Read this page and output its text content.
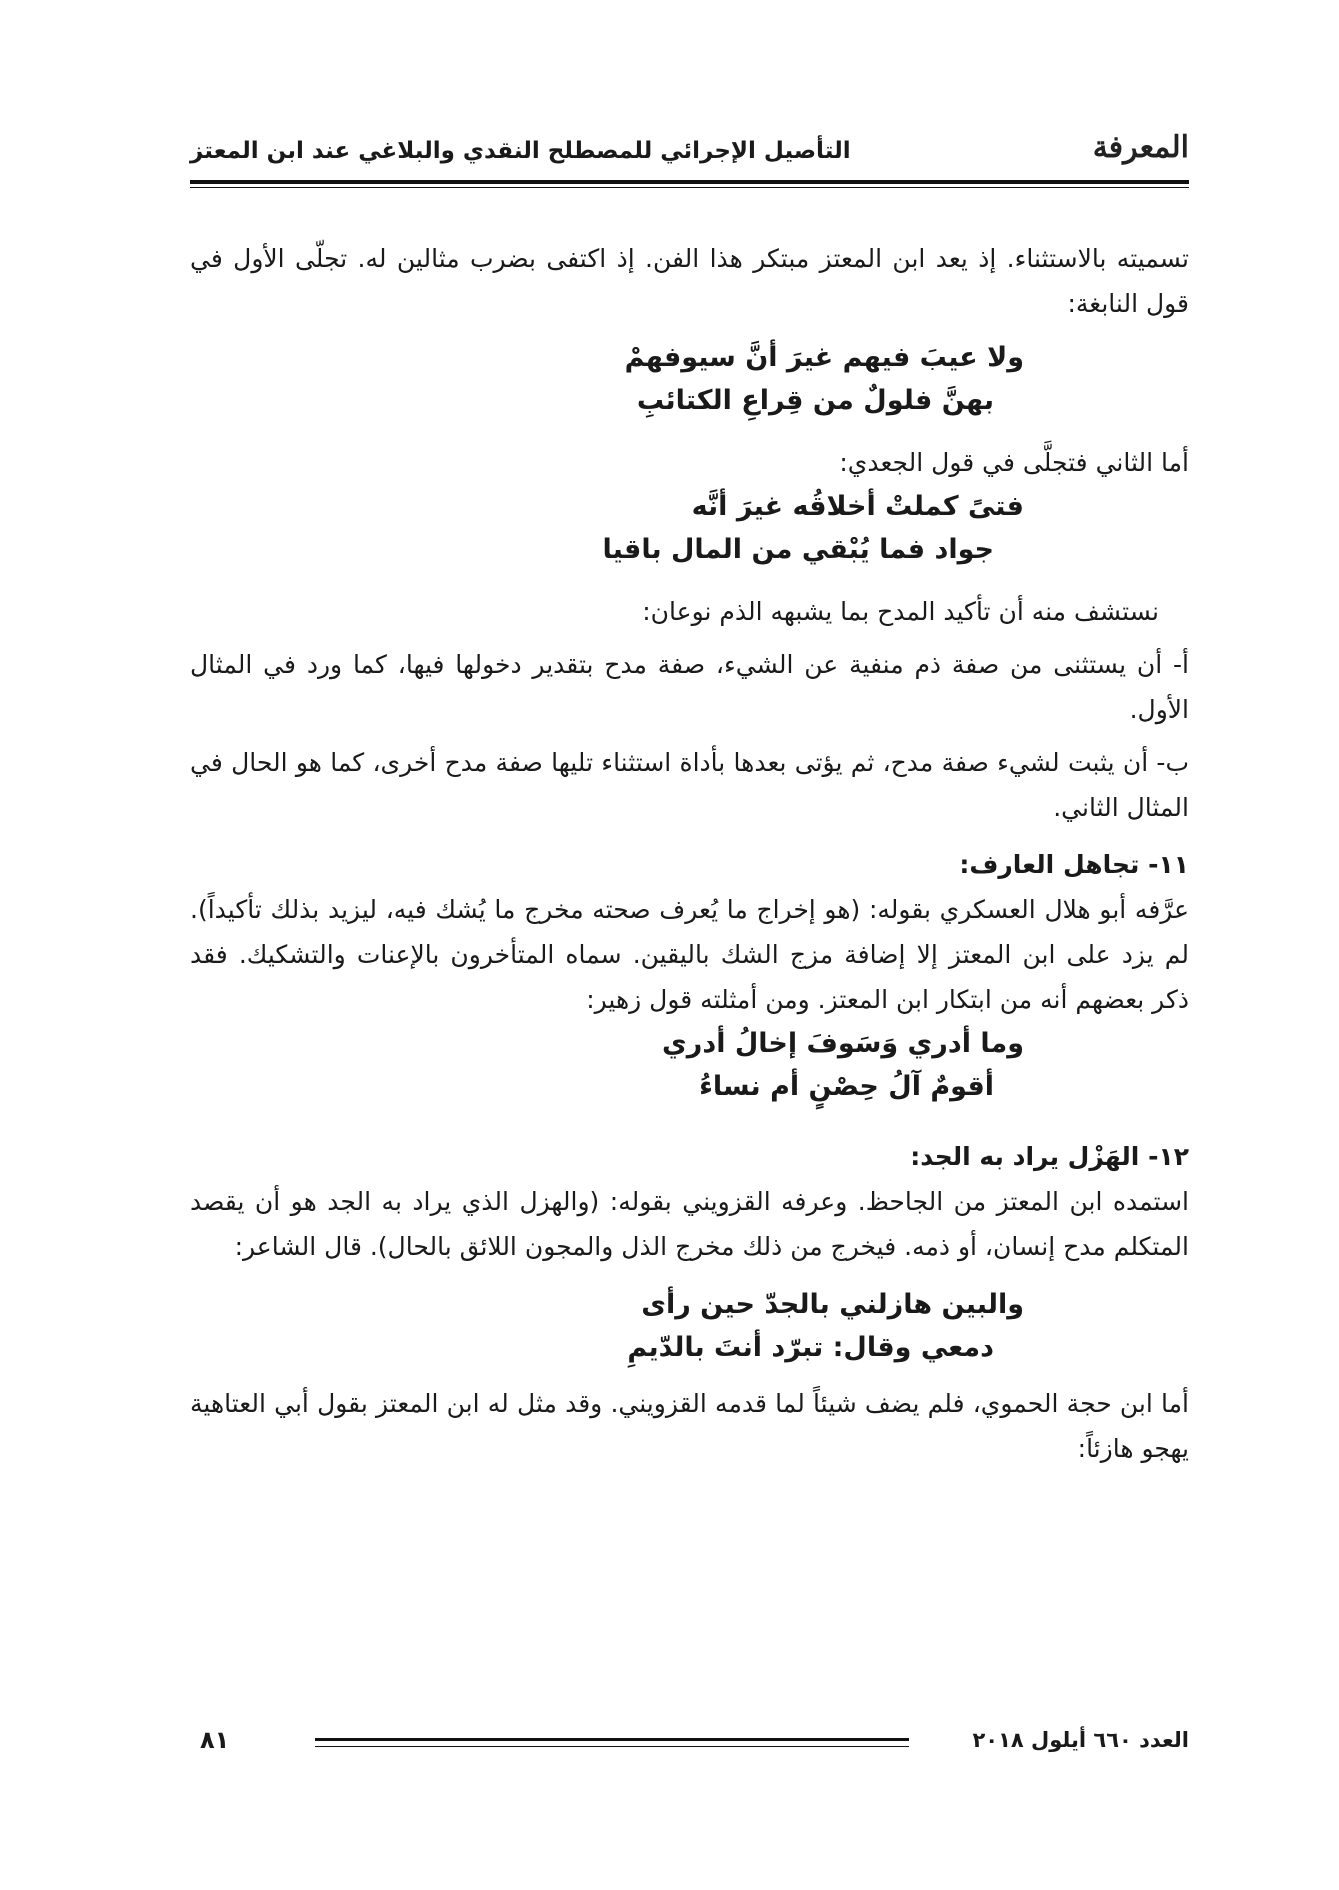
المعرفة
التأصيل الإجرائي للمصطلح النقدي والبلاغي عند ابن المعتز

تسميته بالاستثناء. إذ يعد ابن المعتز مبتكر هذا الفن. إذ اكتفى بضرب مثالين له. تجلّى الأول في قول النابغة:

ولا عيبَ فيهم غيرَ أنَّ سيوفهمْ
بهنَّ فلولٌ من قِراعِ الكتائبِ

أما الثاني فتجلَّى في قول الجعدي:

فتىً كملتْ أخلاقُه غيرَ أنَّه
جواد فما يُبْقي من المال باقيا

نستشف منه أن تأكيد المدح بما يشبهه الذم نوعان:

أ- أن يستثنى من صفة ذم منفية عن الشيء، صفة مدح بتقدير دخولها فيها، كما ورد في المثال الأول.

ب- أن يثبت لشيء صفة مدح، ثم يؤتى بعدها بأداة استثناء تليها صفة مدح أخرى، كما هو الحال في المثال الثاني.

١١- تجاهل العارف:

عرَّفه أبو هلال العسكري بقوله: (هو إخراج ما يُعرف صحته مخرج ما يُشك فيه، ليزيد بذلك تأكيداً). لم يزد على ابن المعتز إلا إضافة مزج الشك باليقين. سماه المتأخرون بالإعنات والتشكيك. فقد ذكر بعضهم أنه من ابتكار ابن المعتز. ومن أمثلته قول زهير:

وما أدري وَسَوفَ إخالُ أدري
أقومٌ آلُ حِصْنٍ أم نساءُ

١٢- الهَزْل يراد به الجد:

استمده ابن المعتز من الجاحظ. وعرفه القزويني بقوله: (والهزل الذي يراد به الجد هو أن يقصد المتكلم مدح إنسان، أو ذمه. فيخرج من ذلك مخرج الذل والمجون اللائق بالحال). قال الشاعر:

والبين هازلني بالجدّ حين رأى
دمعي وقال: تبرّد أنتَ بالدّيمِ

أما ابن حجة الحموي، فلم يضف شيئاً لما قدمه القزويني. وقد مثل له ابن المعتز بقول أبي العتاهية يهجو هازئاً:

العدد ٦٦٠ أيلول ٢٠١٨
٨١
